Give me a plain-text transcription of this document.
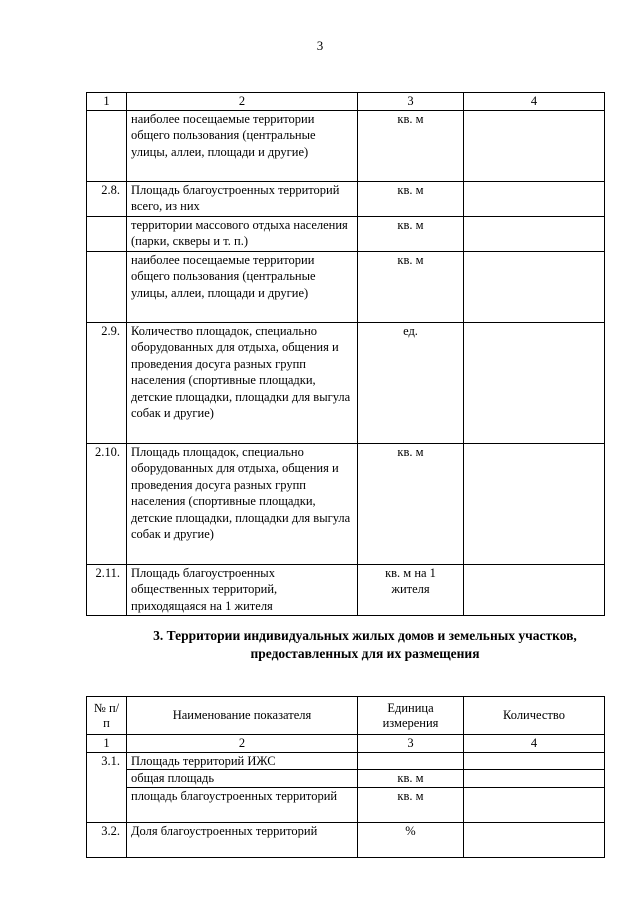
3
1	2	3	4
	наиболее посещаемые территории общего пользования (центральные улицы, аллеи, площади и другие)	кв. м	
2.8.	Площадь благоустроенных территорий всего, из них	кв. м	
	территории массового отдыха населения (парки, скверы и т. п.)	кв. м	
	наиболее посещаемые территории общего пользования (центральные улицы, аллеи, площади и другие)	кв. м	
2.9.	Количество площадок, специально оборудованных для отдыха, общения и проведения досуга разных групп населения (спортивные площадки, детские площадки, площадки для выгула собак и другие)	ед.	
2.10.	Площадь площадок, специально оборудованных для отдыха, общения и проведения досуга разных групп населения (спортивные площадки, детские площадки, площадки для выгула собак и другие)	кв. м	
2.11.	Площадь благоустроенных общественных территорий, приходящаяся на 1 жителя	кв. м на 1 жителя	
3. Территории индивидуальных жилых домов и земельных участков,
предоставленных для их размещения
№ п/п	Наименование показателя	Единица измерения	Количество
1	2	3	4
3.1.	Площадь территорий ИЖС		
	общая площадь	кв. м	
	площадь благоустроенных территорий	кв. м	
3.2.	Доля благоустроенных территорий	%	
